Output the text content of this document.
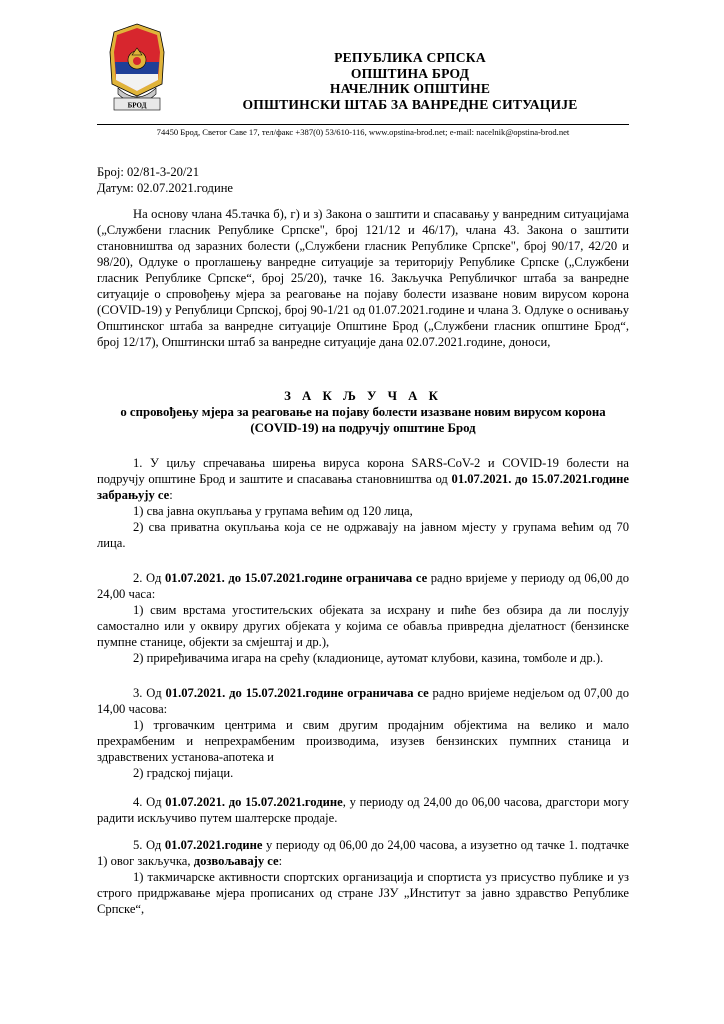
БРОД
РЕПУБЛИКА СРПСКА
ОПШТИНА БРОД
НАЧЕЛНИК ОПШТИНЕ
ОПШТИНСКИ ШТАБ ЗА ВАНРЕДНЕ СИТУАЦИЈЕ
74450 Брод, Светог Саве 17, тел/факс +387(0) 53/610-116, www.opstina-brod.net; e-mail: nacelnik@opstina-brod.net
Број: 02/81-3-20/21
Датум: 02.07.2021.године
На основу члана 45.тачка б), г) и з) Закона о заштити и спасавању у ванредним ситуацијама („Службени гласник Републике Српске", број 121/12 и 46/17), члана 43. Закона о заштити становништва од заразних болести („Службени гласник Републике Српске", број 90/17, 42/20 и 98/20), Одлуке о проглашењу ванредне ситуације за територију Републике Српске („Службени гласник Републике Српске“, број 25/20), тачке 16. Закључка Републичког штаба за ванредне ситуације о спровођењу мјера за реаговање на појаву болести изазване новим вирусом корона (COVID-19) у Републици Српској, број 90-1/21 од 01.07.2021.године и члана 3. Одлуке о оснивању Општинског штаба за ванредне ситуације Општине Брод („Службени гласник општине Брод“, број 12/17), Општински штаб за ванредне ситуације дана 02.07.2021.године, доноси,
З А К Љ У Ч А К
о спровођењу мјера за реаговање на појаву болести изазване новим вирусом корона
(COVID-19) на подручју општине Брод
1. У циљу спречавања ширења вируса корона SARS-CoV-2 и COVID-19 болести на подручју општине Брод и заштите и спасавања становништва од 01.07.2021. до 15.07.2021.године забрањују се:
1) сва јавна окупљања у групама већим од 120 лица,
2) сва приватна окупљања која се не одржавају на јавном мјесту у групама већим од 70 лица.
2. Од 01.07.2021. до 15.07.2021.године ограничава се радно вријеме у периоду од 06,00 до 24,00 часа:
1) свим врстама угоститељских објеката за исхрану и пиће без обзира да ли послују самостално или у оквиру других објеката у којима се обавља привредна дјелатност (бензинске пумпне станице, објекти за смјештај и др.),
2) приређивачима игара на срећу (кладионице, аутомат клубови, казина, томболе и др.).
3. Од 01.07.2021. до 15.07.2021.године ограничава се радно вријеме недјељом од 07,00 до 14,00 часова:
1) трговачким центрима и свим другим продајним објектима на велико и мало прехрамбеним и непрехрамбеним производима, изузев бензинских пумпних станица и здравствених установа-апотека и
2) градској пијаци.
4. Од 01.07.2021. до 15.07.2021.године, у периоду од 24,00 до 06,00 часова, драгстори могу радити искључиво путем шалтерске продаје.
5. Од 01.07.2021.године у периоду од 06,00 до 24,00 часова, а изузетно од тачке 1. подтачке 1) овог закључка, дозвољавају се:
1) такмичарске активности спортских организација и спортиста уз присуство публике и уз строго придржавање мјера прописаних од стране ЈЗУ „Институт за јавно здравство Републике Српске“,
